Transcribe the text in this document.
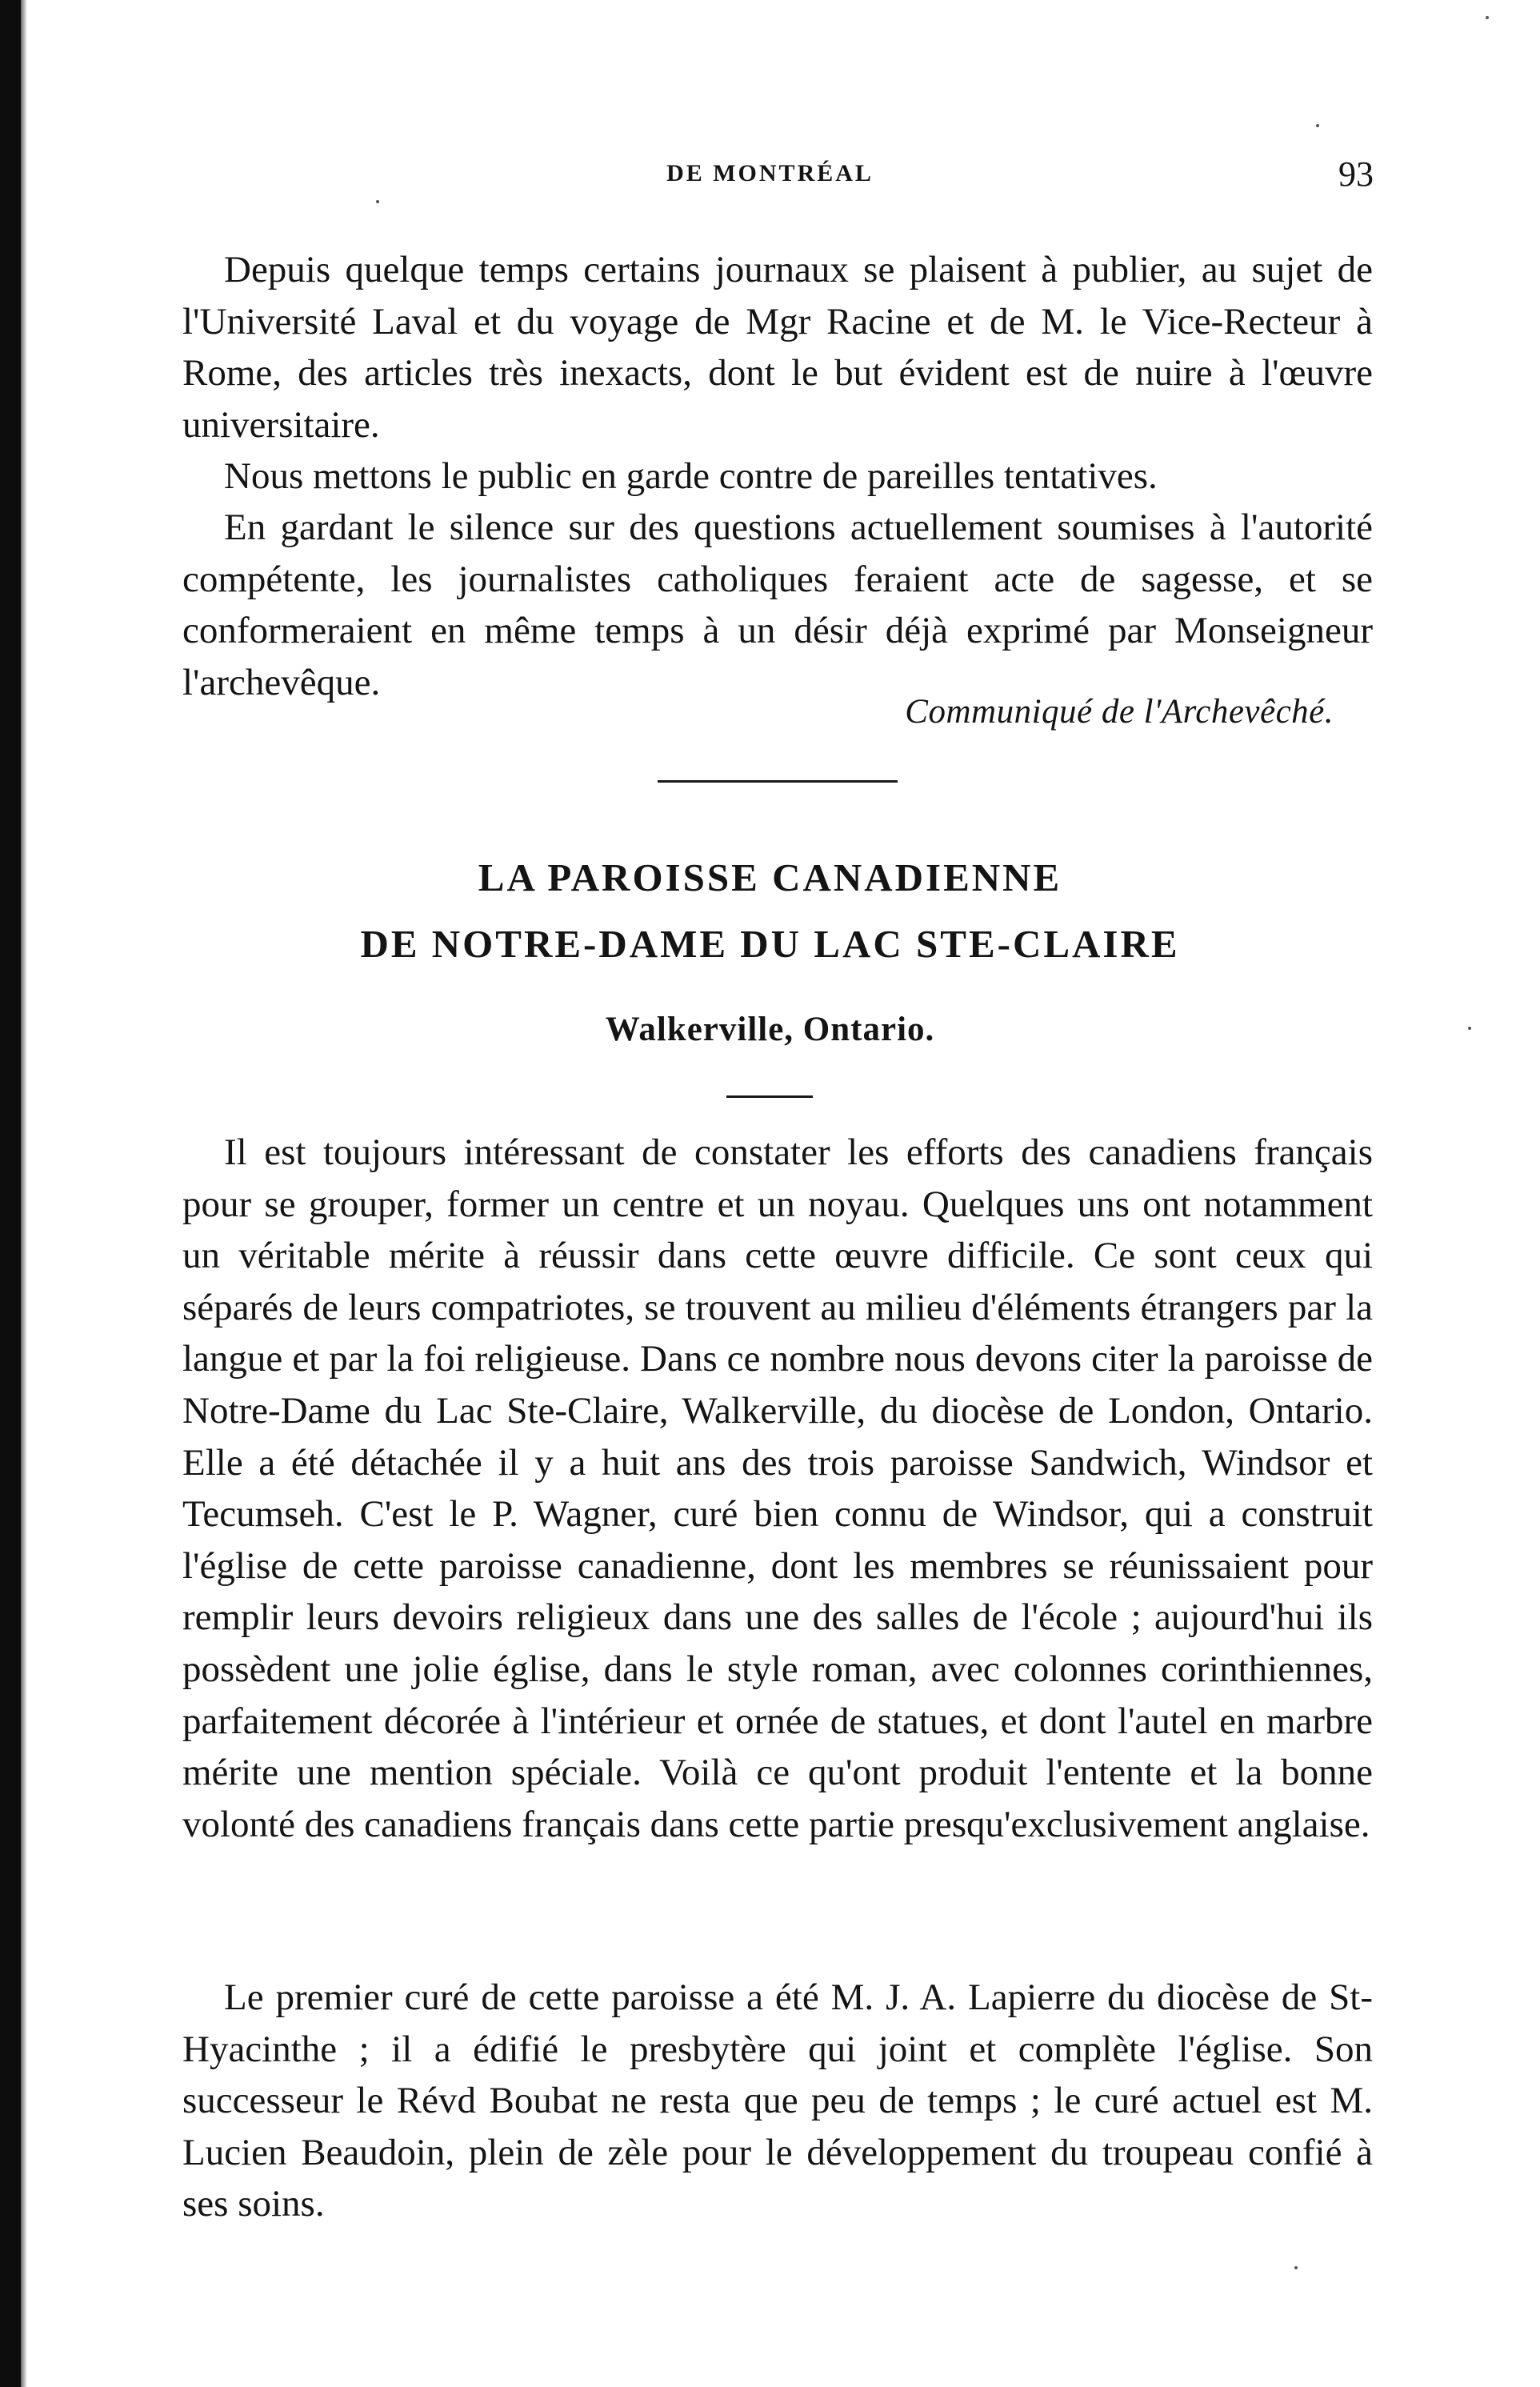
DE MONTRÉAL	93

Depuis quelque temps certains journaux se plaisent à publier, au sujet de l'Université Laval et du voyage de Mgr Racine et de M. le Vice-Recteur à Rome, des articles très inexacts, dont le but évident est de nuire à l'œuvre universitaire.

Nous mettons le public en garde contre de pareilles tentatives.

En gardant le silence sur des questions actuellement soumises à l'autorité compétente, les journalistes catholiques feraient acte de sagesse, et se conformeraient en même temps à un désir déjà exprimé par Monseigneur l'archevêque.

Communiqué de l'Archevêché.
LA PAROISSE CANADIENNE
DE NOTRE-DAME DU LAC STE-CLAIRE
Walkerville, Ontario.

Il est toujours intéressant de constater les efforts des canadiens français pour se grouper, former un centre et un noyau. Quelques uns ont notamment un véritable mérite à réussir dans cette œuvre difficile. Ce sont ceux qui séparés de leurs compatriotes, se trouvent au milieu d'éléments étrangers par la langue et par la foi religieuse. Dans ce nombre nous devons citer la paroisse de Notre-Dame du Lac Ste-Claire, Walkerville, du diocèse de London, Ontario. Elle a été détachée il y a huit ans des trois paroisse Sandwich, Windsor et Tecumseh. C'est le P. Wagner, curé bien connu de Windsor, qui a construit l'église de cette paroisse canadienne, dont les membres se réunissaient pour remplir leurs devoirs religieux dans une des salles de l'école ; aujourd'hui ils possèdent une jolie église, dans le style roman, avec colonnes corinthiennes, parfaitement décorée à l'intérieur et ornée de statues, et dont l'autel en marbre mérite une mention spéciale. Voilà ce qu'ont produit l'entente et la bonne volonté des canadiens français dans cette partie presqu'exclusivement anglaise.

Le premier curé de cette paroisse a été M. J. A. Lapierre du diocèse de St-Hyacinthe ; il a édifié le presbytère qui joint et complète l'église. Son successeur le Révd Boubat ne resta que peu de temps ; le curé actuel est M. Lucien Beaudoin, plein de zèle pour le développement du troupeau confié à ses soins.
